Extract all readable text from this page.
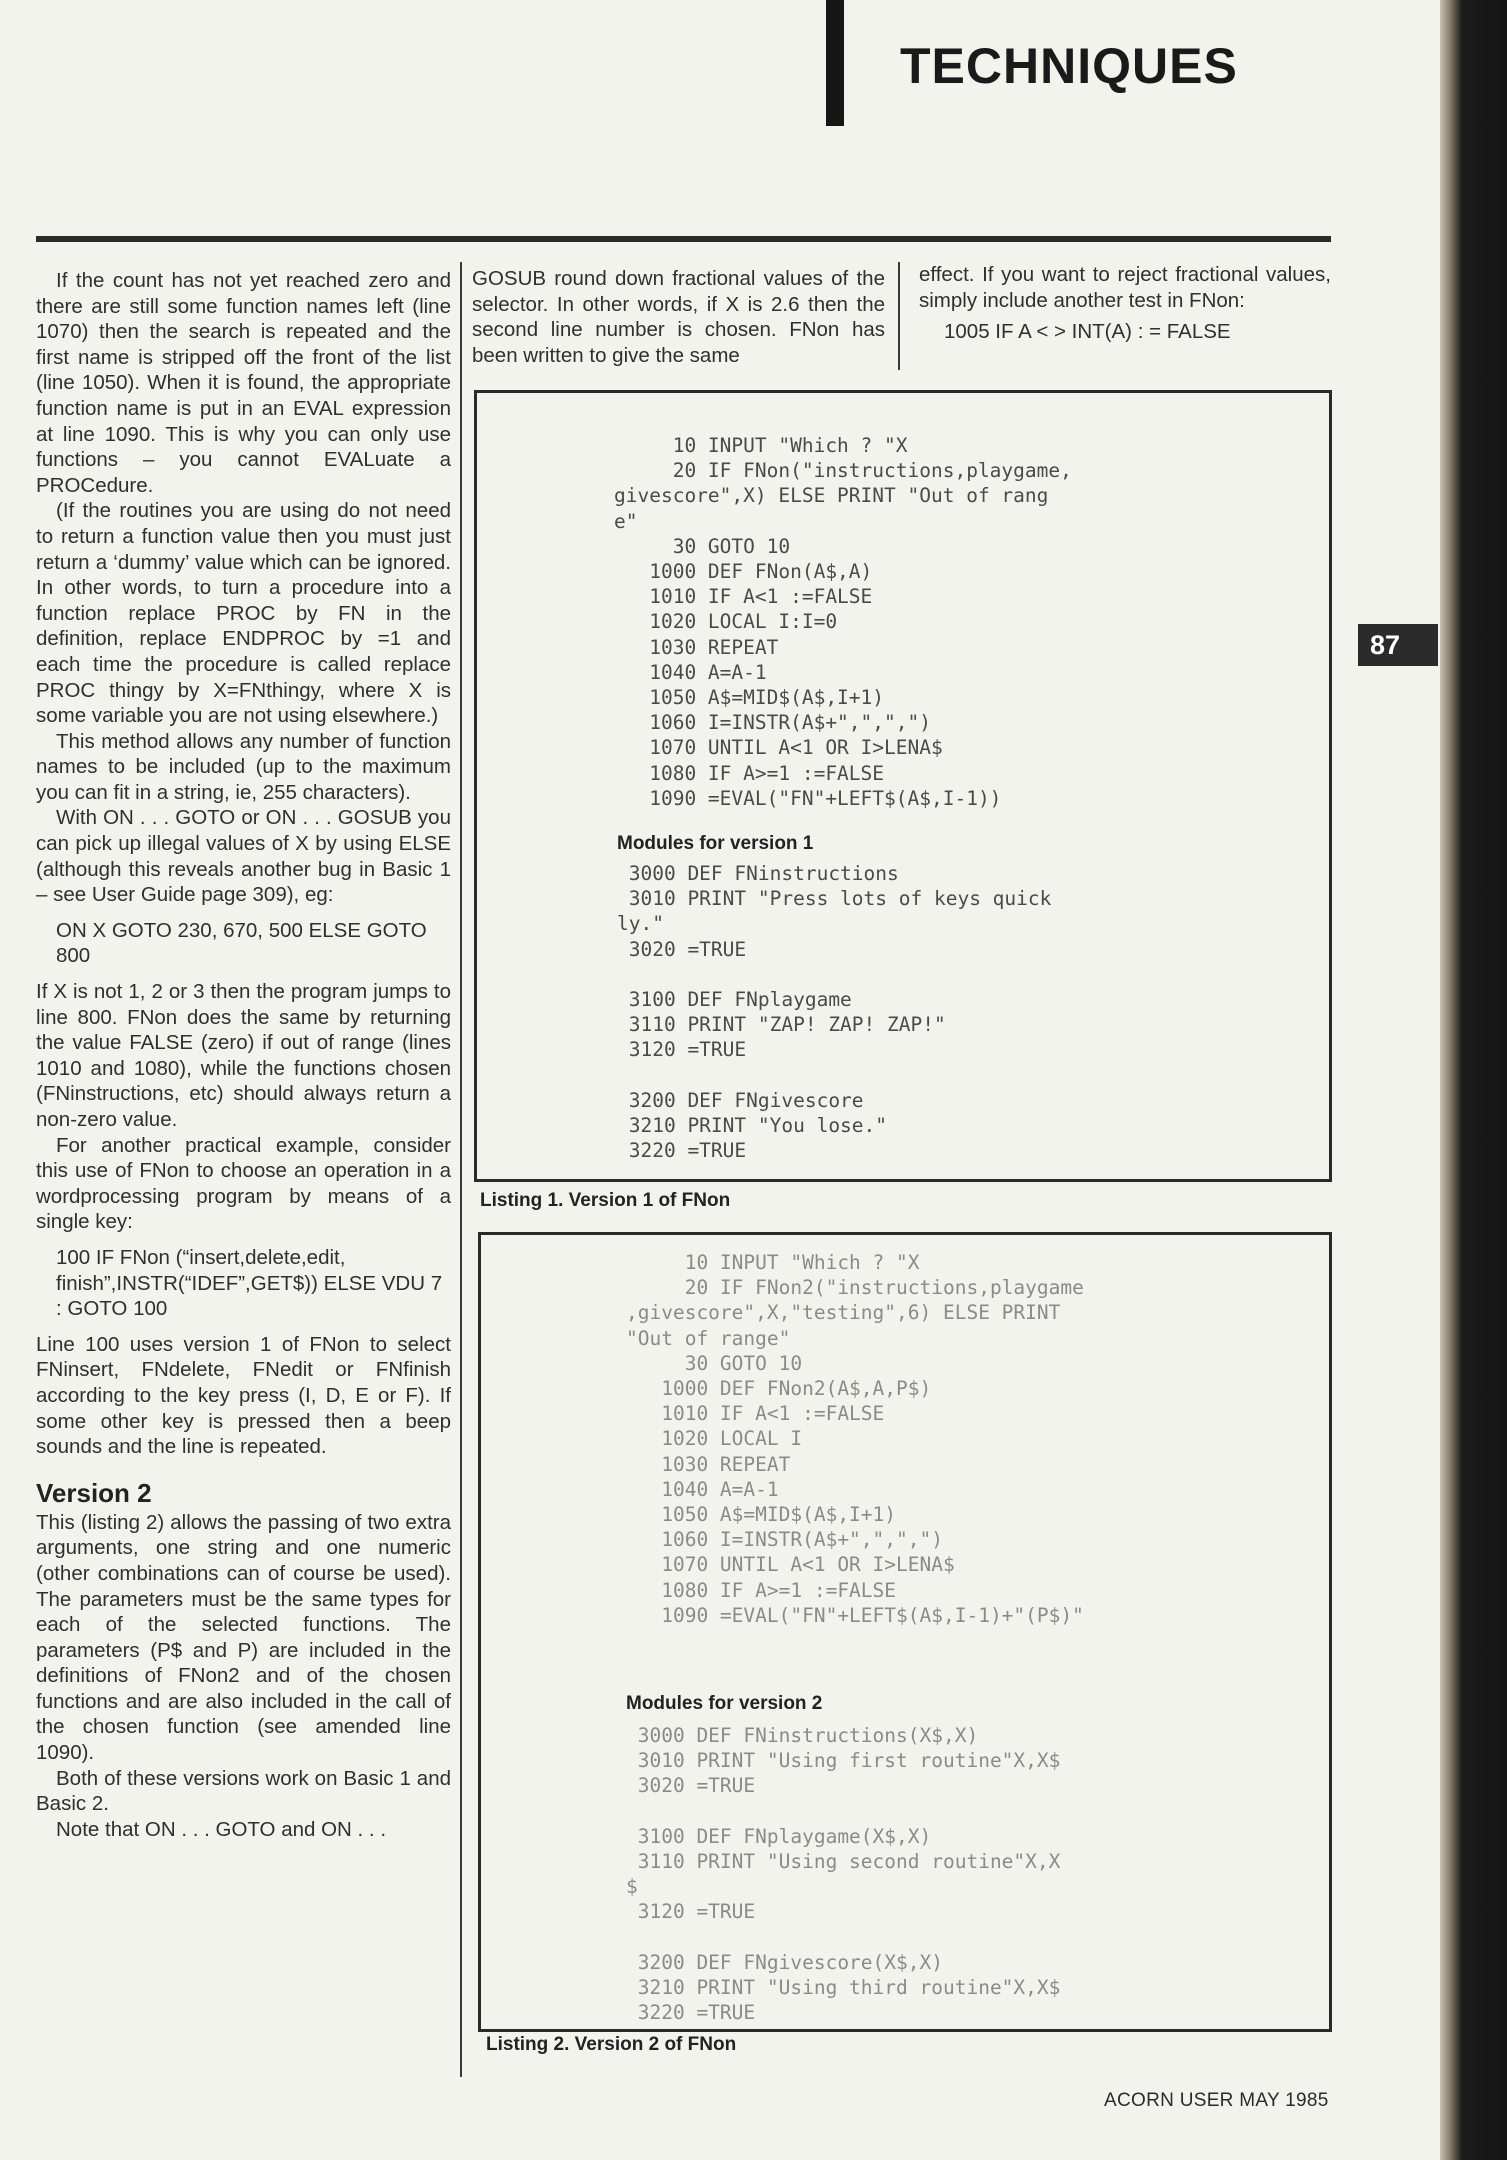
TECHNIQUES
87

If the count has not yet reached zero and there are still some function names left (line 1070) then the search is repeated and the first name is stripped off the front of the list (line 1050). When it is found, the appropriate function name is put in an EVAL expression at line 1090. This is why you can only use functions – you cannot EVALuate a PROCedure.

(If the routines you are using do not need to return a function value then you must just return a ‘dummy’ value which can be ignored. In other words, to turn a procedure into a function replace PROC by FN in the definition, replace ENDPROC by =1 and each time the procedure is called replace PROC thingy by X=FNthingy, where X is some variable you are not using elsewhere.)

This method allows any number of function names to be included (up to the maximum you can fit in a string, ie, 255 characters).

With ON . . . GOTO or ON . . . GOSUB you can pick up illegal values of X by using ELSE (although this reveals another bug in Basic 1 – see User Guide page 309), eg:

ON X GOTO 230, 670, 500 ELSE GOTO 800

If X is not 1, 2 or 3 then the program jumps to line 800. FNon does the same by returning the value FALSE (zero) if out of range (lines 1010 and 1080), while the functions chosen (FNinstructions, etc) should always return a non-zero value.

For another practical example, consider this use of FNon to choose an operation in a wordprocessing program by means of a single key:

100 IF FNon (“insert,delete,edit, finish”,INSTR(“IDEF”,GET$)) ELSE VDU 7 : GOTO 100

Line 100 uses version 1 of FNon to select FNinsert, FNdelete, FNedit or FNfinish according to the key press (I, D, E or F). If some other key is pressed then a beep sounds and the line is repeated.

Version 2

This (listing 2) allows the passing of two extra arguments, one string and one numeric (other combinations can of course be used). The parameters must be the same types for each of the selected functions. The parameters (P$ and P) are included in the definitions of FNon2 and of the chosen functions and are also included in the call of the chosen function (see amended line 1090).

Both of these versions work on Basic 1 and Basic 2.

Note that ON . . . GOTO and ON . . .

GOSUB round down fractional values of the selector. In other words, if X is 2.6 then the second line number is chosen. FNon has been written to give the same

effect. If you want to reject fractional values, simply include another test in FNon:

1005 IF A < > INT(A) : = FALSE

10 INPUT "Which ? "X
20 IF FNon("instructions,playgame,
givescore",X) ELSE PRINT "Out of rang
e"
30 GOTO 10
1000 DEF FNon(A$,A)
1010 IF A<1 :=FALSE
1020 LOCAL I:I=0
1030 REPEAT
1040 A=A-1
1050 A$=MID$(A$,I+1)
1060 I=INSTR(A$+",",",")
1070 UNTIL A<1 OR I>LENA$
1080 IF A>=1 :=FALSE
1090 =EVAL("FN"+LEFT$(A$,I-1))

Modules for version 1

3000 DEF FNinstructions
3010 PRINT "Press lots of keys quick
ly."
3020 =TRUE

3100 DEF FNplaygame
3110 PRINT "ZAP! ZAP! ZAP!"
3120 =TRUE

3200 DEF FNgivescore
3210 PRINT "You lose."
3220 =TRUE
Listing 1. Version 1 of FNon
10 INPUT "Which ? "X
20 IF FNon2("instructions,playgame
,givescore",X,"testing",6) ELSE PRINT
"Out of range"
30 GOTO 10
1000 DEF FNon2(A$,A,P$)
1010 IF A<1 :=FALSE
1020 LOCAL I
1030 REPEAT
1040 A=A-1
1050 A$=MID$(A$,I+1)
1060 I=INSTR(A$+",",",")
1070 UNTIL A<1 OR I>LENA$
1080 IF A>=1 :=FALSE
1090 =EVAL("FN"+LEFT$(A$,I-1)+"(P$)"

Modules for version 2

3000 DEF FNinstructions(X$,X)
3010 PRINT "Using first routine"X,X$
3020 =TRUE

3100 DEF FNplaygame(X$,X)
3110 PRINT "Using second routine"X,X
$
3120 =TRUE

3200 DEF FNgivescore(X$,X)
3210 PRINT "Using third routine"X,X$
3220 =TRUE
Listing 2. Version 2 of FNon
ACORN USER MAY 1985
